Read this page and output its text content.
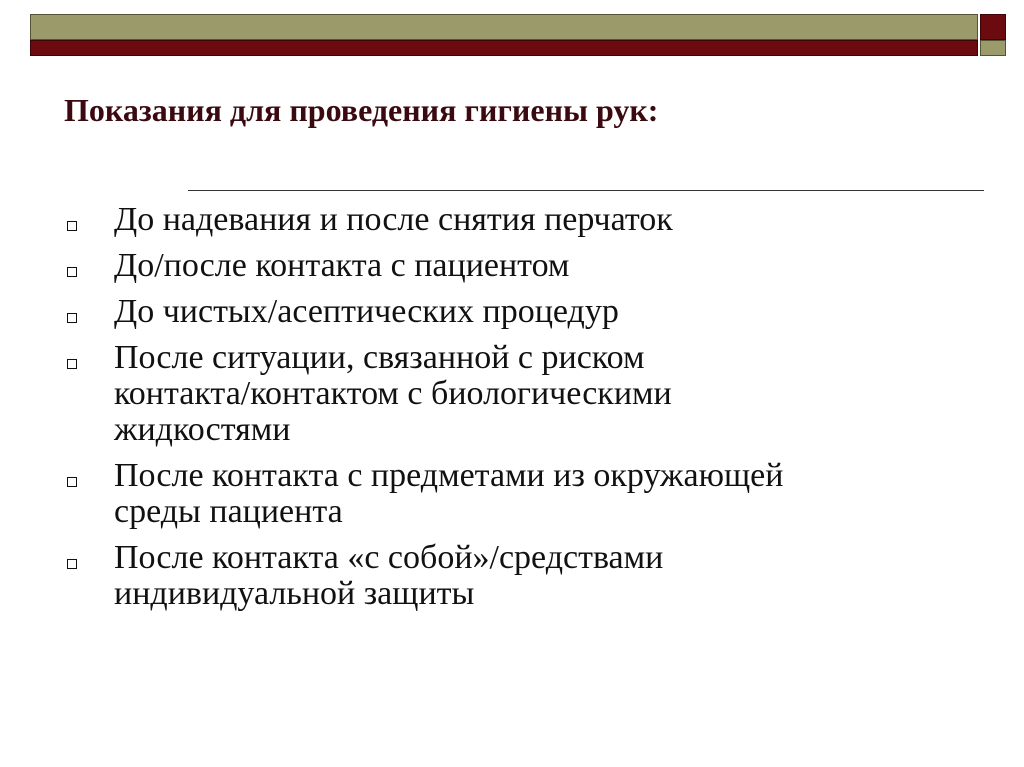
Показания для проведения гигиены рук:
До надевания и после снятия перчаток
До/после контакта с пациентом
До чистых/асептических процедур
После ситуации, связанной с риском
контакта/контактом с биологическими
жидкостями
После контакта с предметами из окружающей
среды пациента
После контакта «с собой»/средствами
индивидуальной защиты
